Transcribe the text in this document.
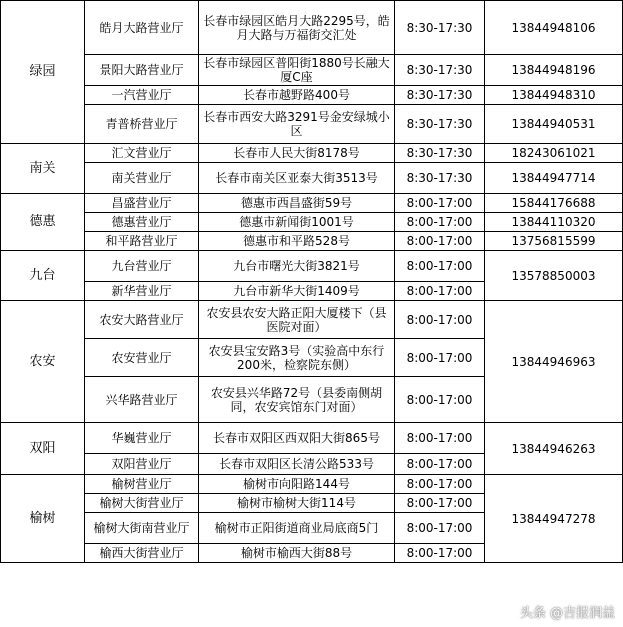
绿园	皓月大路营业厅	长春市绿园区皓月大路2295号，皓月大路与万福街交汇处	8:30-17:30	13844948106
	景阳大路营业厅	长春市绿园区普阳街1880号长融大厦C座	8:30-17:30	13844948196
	一汽营业厅	长春市越野路400号	8:30-17:30	13844948310
	青普桥营业厅	长春市西安大路3291号金安绿城小区	8:30-17:30	13844940531
南关	汇文营业厅	长春市人民大街8178号	8:30-17:30	18243061021
	南关营业厅	长春市南关区亚泰大街3513号	8:30-17:30	13844947714
德惠	昌盛营业厅	德惠市西昌盛街59号	8:00-17:00	15844176688
	德惠营业厅	德惠市新闻街1001号	8:00-17:00	13844110320
	和平路营业厅	德惠市和平路528号	8:00-17:00	13756815599
九台	九台营业厅	九台市曙光大街3821号	8:00-17:00	13578850003
	新华营业厅	九台市新华大街1409号	8:00-17:00	
农安	农安大路营业厅	农安县农安大路正阳大厦楼下（县医院对面）	8:00-17:00	13844946963
	农安营业厅	农安县宝安路3号（实验高中东行200米，检察院东侧）	8:00-17:00	
	兴华路营业厅	农安县兴华路72号（县委南侧胡同，农安宾馆东门对面）	8:00-17:00	
双阳	华巍营业厅	长春市双阳区西双阳大街865号	8:00-17:00	13844946263
	双阳营业厅	长春市双阳区长清公路533号	8:00-17:00	
榆树	榆树营业厅	榆树市向阳路144号	8:00-17:00	13844947278
	榆树大街营业厅	榆树市榆树大街114号	8:00-17:00	
	榆树大街南营业厅	榆树市正阳街道商业局底商5门	8:00-17:00	
	榆西大街营业厅	榆树市榆西大街88号	8:00-17:00	
头条 @吉报润益
